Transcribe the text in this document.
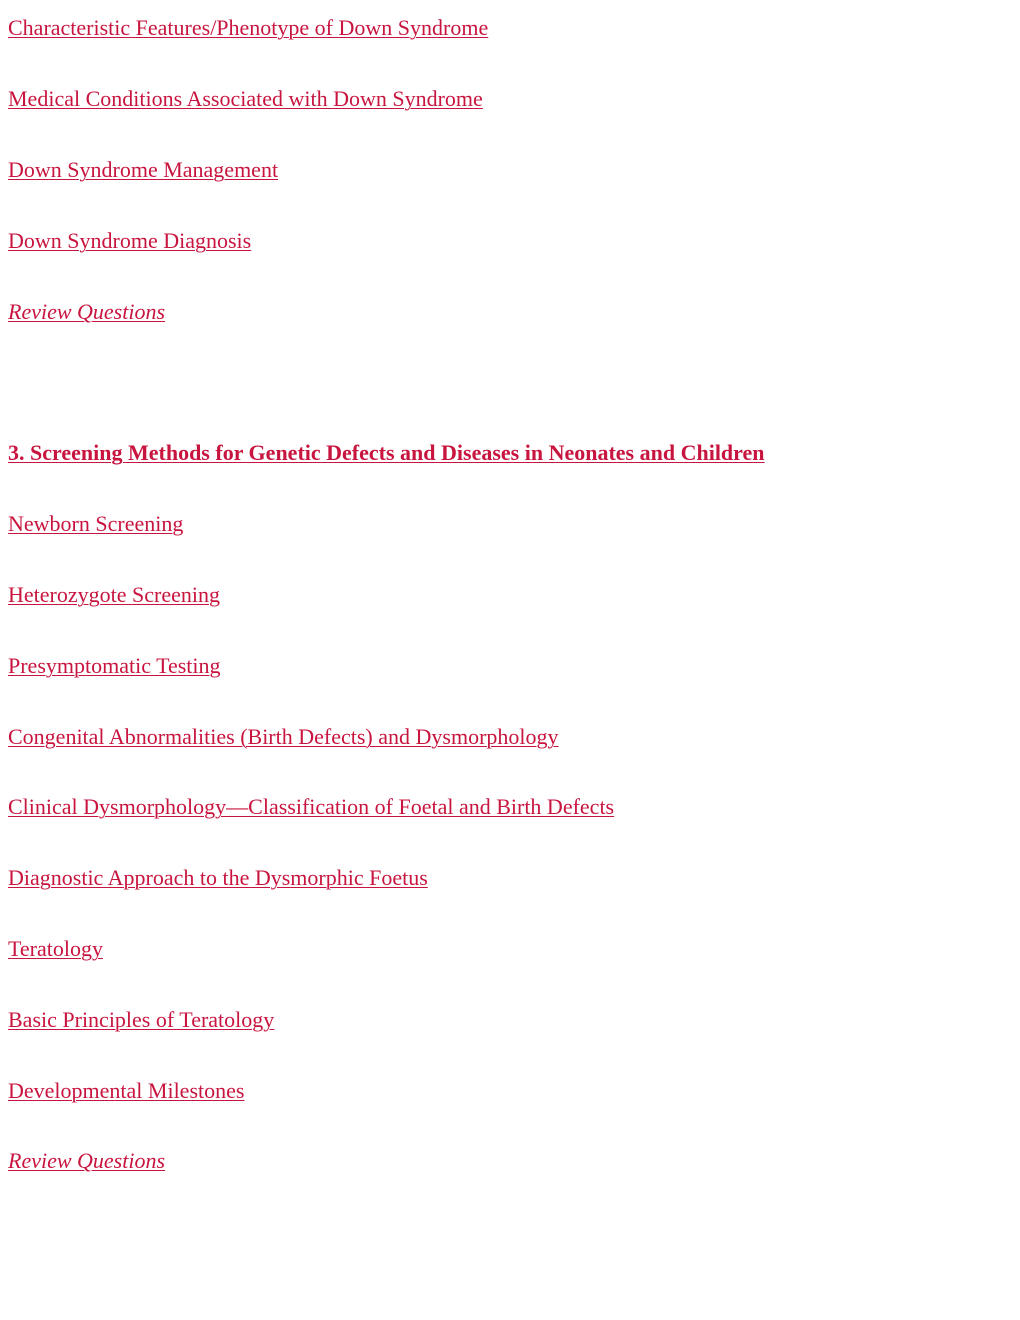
Characteristic Features/Phenotype of Down Syndrome
Medical Conditions Associated with Down Syndrome
Down Syndrome Management
Down Syndrome Diagnosis
Review Questions
3. Screening Methods for Genetic Defects and Diseases in Neonates and Children
Newborn Screening
Heterozygote Screening
Presymptomatic Testing
Congenital Abnormalities (Birth Defects) and Dysmorphology
Clinical Dysmorphology—Classification of Foetal and Birth Defects
Diagnostic Approach to the Dysmorphic Foetus
Teratology
Basic Principles of Teratology
Developmental Milestones
Review Questions
